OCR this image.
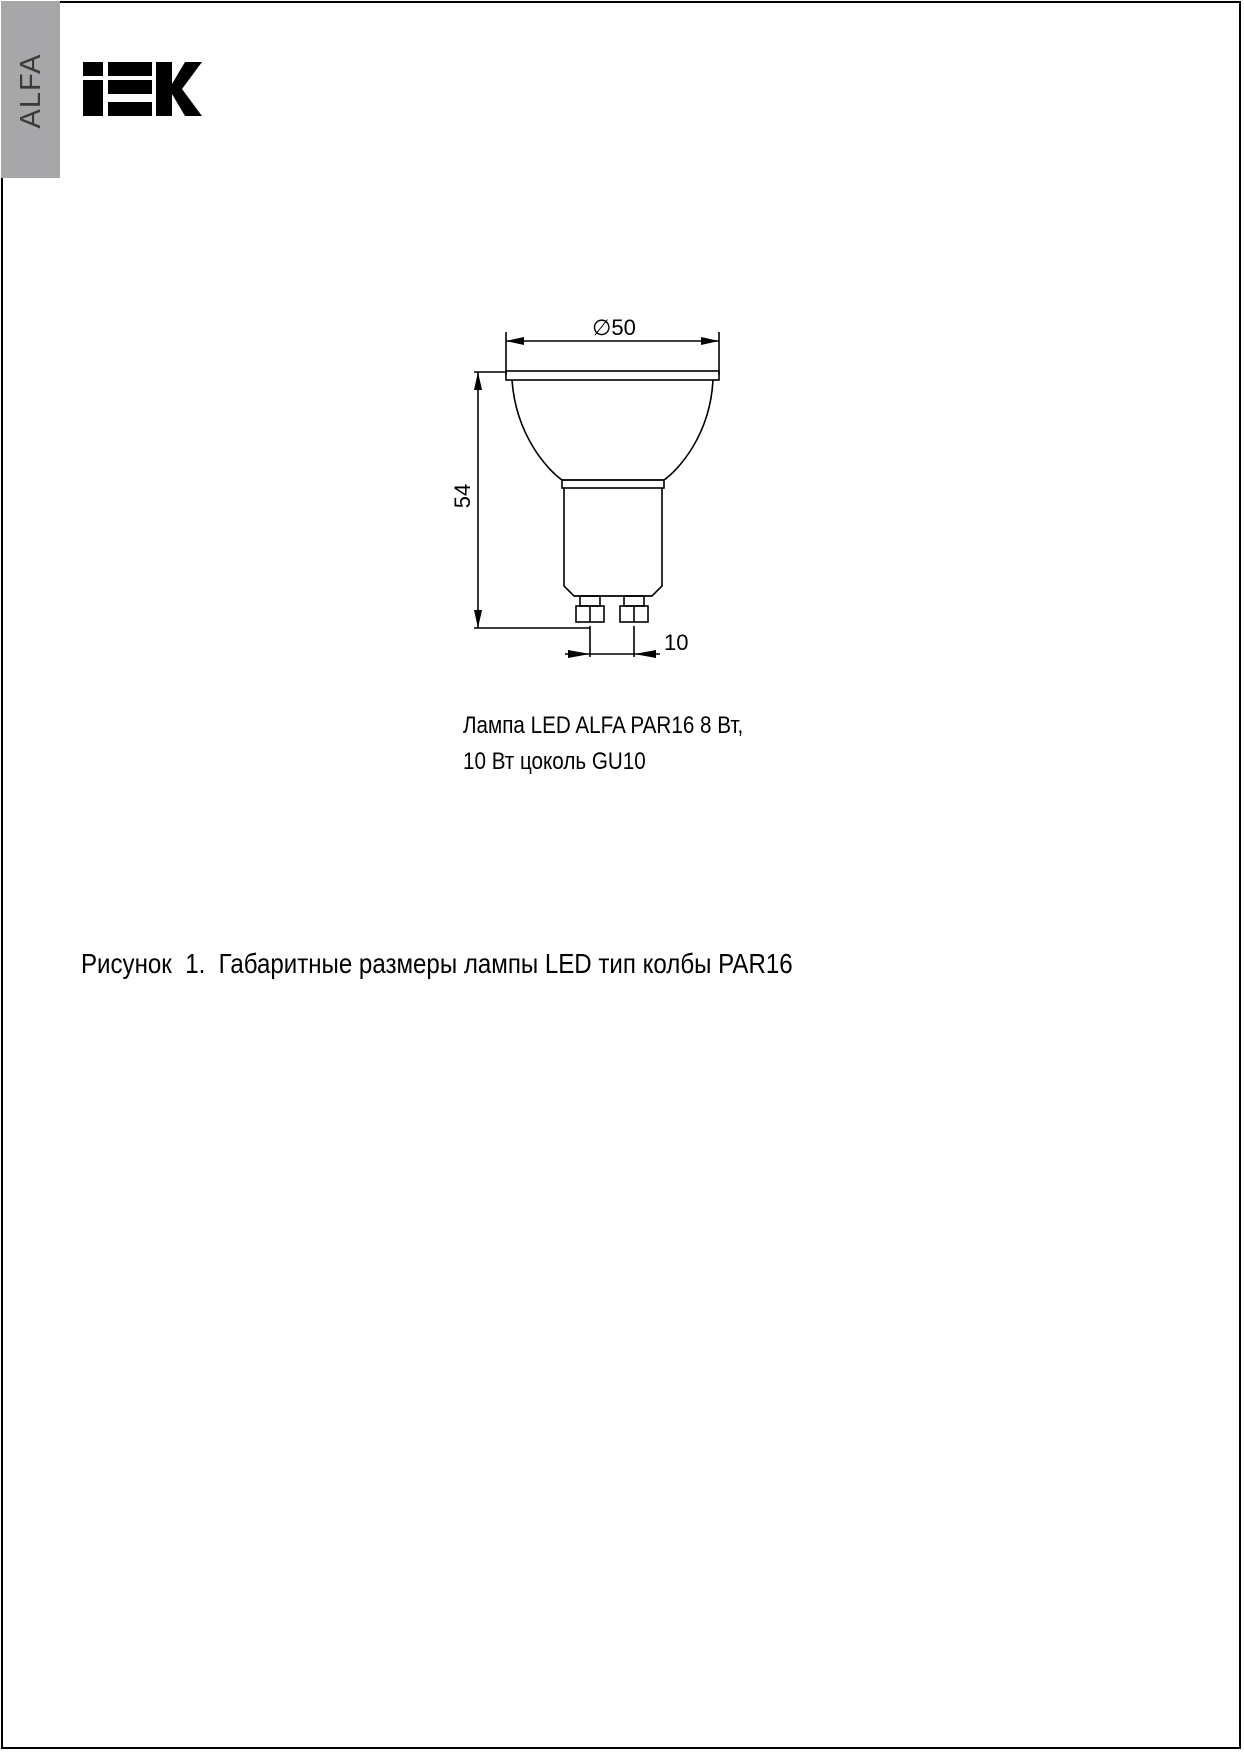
ALFA
∅50
54
10
Лампа LED ALFA PAR16 8 Вт,
10 Вт цоколь GU10
Рисунок  1.  Габаритные размеры лампы LED тип колбы PAR16
